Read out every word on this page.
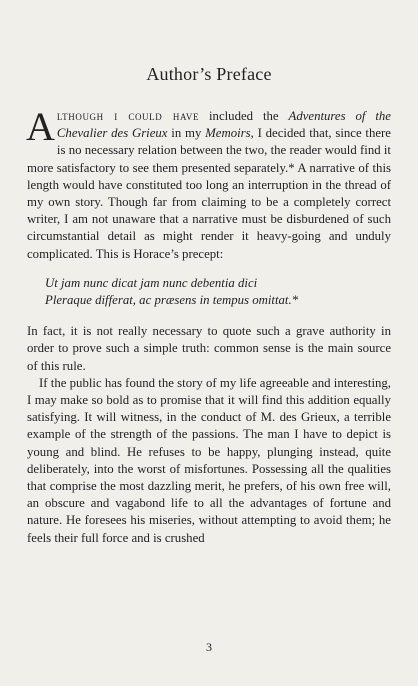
Author’s Preface

Although i could have included the Adventures of the Chevalier des Grieux in my Memoirs, I decided that, since there is no necessary relation between the two, the reader would find it more satisfactory to see them presented separately.* A narrative of this length would have constituted too long an interruption in the thread of my own story. Though far from claiming to be a completely correct writer, I am not unaware that a narrative must be disburdened of such circumstantial detail as might render it heavy-going and unduly complicated. This is Horace’s precept:

Ut jam nunc dicat jam nunc debentia dici
Pleraque differat, ac præsens in tempus omittat.*

In fact, it is not really necessary to quote such a grave authority in order to prove such a simple truth: common sense is the main source of this rule.

If the public has found the story of my life agreeable and interesting, I may make so bold as to promise that it will find this addition equally satisfying. It will witness, in the conduct of M. des Grieux, a terrible example of the strength of the passions. The man I have to depict is young and blind. He refuses to be happy, plunging instead, quite deliberately, into the worst of misfortunes. Possessing all the qualities that comprise the most dazzling merit, he prefers, of his own free will, an obscure and vagabond life to all the advantages of fortune and nature. He foresees his miseries, without attempting to avoid them; he feels their full force and is crushed

3
